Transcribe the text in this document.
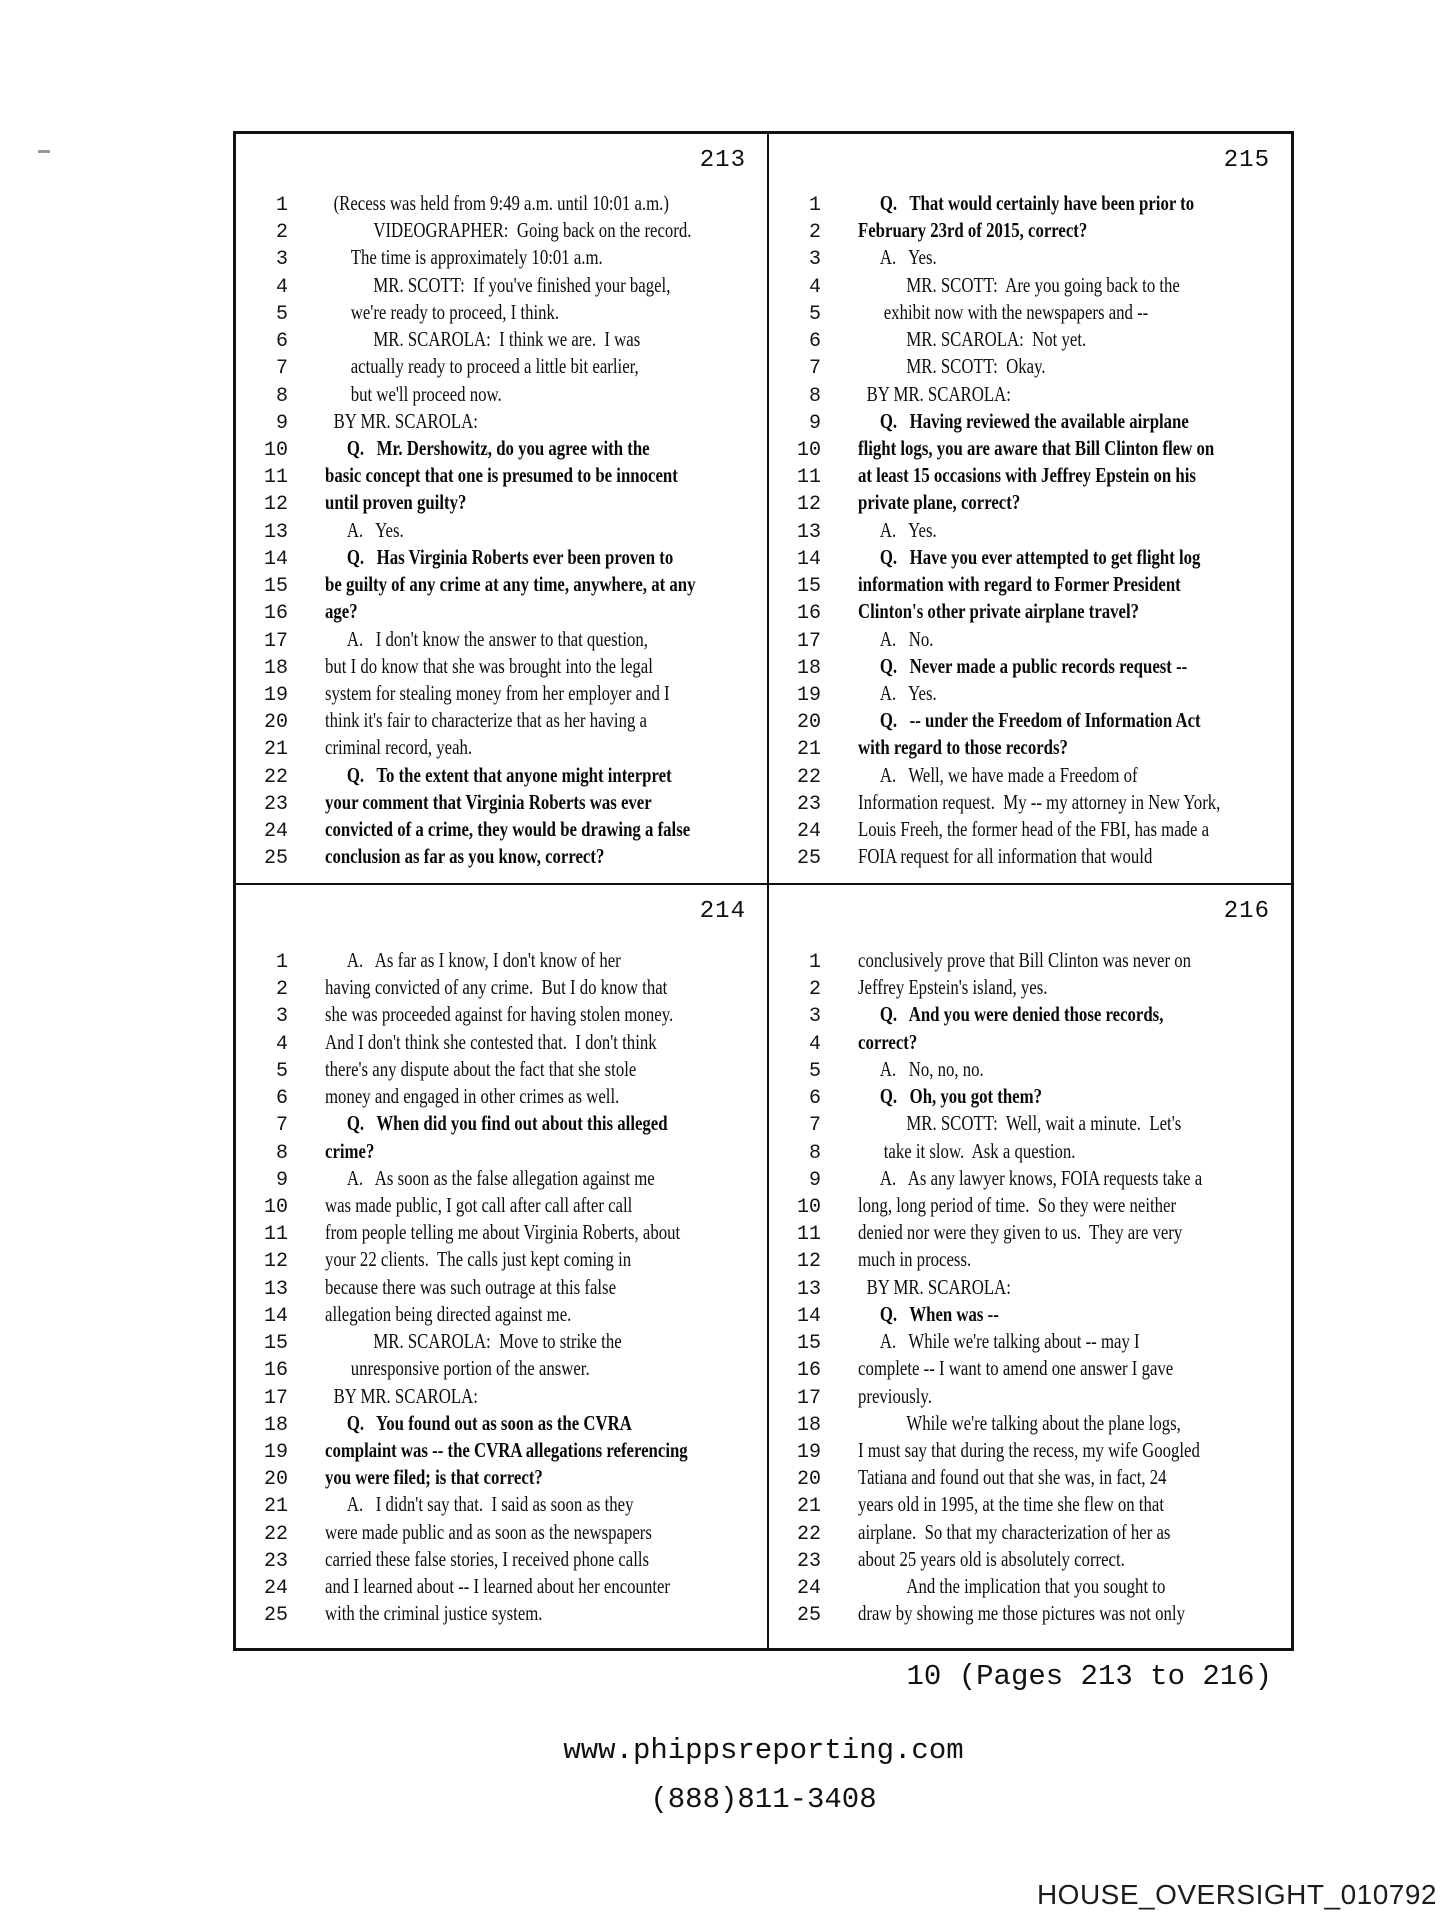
213
1 (Recess was held from 9:49 a.m. until 10:01 a.m.)
2	VIDEOGRAPHER:  Going back on the record.
3	The time is approximately 10:01 a.m.
4	MR. SCOTT:  If you've finished your bagel,
5	we're ready to proceed, I think.
6	MR. SCAROLA:  I think we are.  I was
7	actually ready to proceed a little bit earlier,
8	but we'll proceed now.
9 BY MR. SCAROLA:
10	Q.   Mr. Dershowitz, do you agree with the
11 basic concept that one is presumed to be innocent
12 until proven guilty?
13	A.   Yes.
14	Q.   Has Virginia Roberts ever been proven to
15 be guilty of any crime at any time, anywhere, at any
16 age?
17	A.   I don't know the answer to that question,
18 but I do know that she was brought into the legal
19 system for stealing money from her employer and I
20 think it's fair to characterize that as her having a
21 criminal record, yeah.
22	Q.   To the extent that anyone might interpret
23 your comment that Virginia Roberts was ever
24 convicted of a crime, they would be drawing a false
25 conclusion as far as you know, correct?
215
1	Q.   That would certainly have been prior to
2 February 23rd of 2015, correct?
3	A.   Yes.
4	MR. SCOTT:  Are you going back to the
5	exhibit now with the newspapers and --
6	MR. SCAROLA:  Not yet.
7	MR. SCOTT:  Okay.
8 BY MR. SCAROLA:
9	Q.   Having reviewed the available airplane
10 flight logs, you are aware that Bill Clinton flew on
11 at least 15 occasions with Jeffrey Epstein on his
12 private plane, correct?
13	A.   Yes.
14	Q.   Have you ever attempted to get flight log
15 information with regard to Former President
16 Clinton's other private airplane travel?
17	A.   No.
18	Q.   Never made a public records request --
19	A.   Yes.
20	Q.   -- under the Freedom of Information Act
21 with regard to those records?
22	A.   Well, we have made a Freedom of
23 Information request.  My -- my attorney in New York,
24 Louis Freeh, the former head of the FBI, has made a
25 FOIA request for all information that would
214
1	A.   As far as I know, I don't know of her
2 having convicted of any crime.  But I do know that
3 she was proceeded against for having stolen money.
4 And I don't think she contested that.  I don't think
5 there's any dispute about the fact that she stole
6 money and engaged in other crimes as well.
7	Q.   When did you find out about this alleged
8 crime?
9	A.   As soon as the false allegation against me
10 was made public, I got call after call after call
11 from people telling me about Virginia Roberts, about
12 your 22 clients.  The calls just kept coming in
13 because there was such outrage at this false
14 allegation being directed against me.
15	MR. SCAROLA:  Move to strike the
16	unresponsive portion of the answer.
17 BY MR. SCAROLA:
18	Q.   You found out as soon as the CVRA
19 complaint was -- the CVRA allegations referencing
20 you were filed; is that correct?
21	A.   I didn't say that.  I said as soon as they
22 were made public and as soon as the newspapers
23 carried these false stories, I received phone calls
24 and I learned about -- I learned about her encounter
25 with the criminal justice system.
216
1 conclusively prove that Bill Clinton was never on
2 Jeffrey Epstein's island, yes.
3	Q.   And you were denied those records,
4 correct?
5	A.   No, no, no.
6	Q.   Oh, you got them?
7	MR. SCOTT:  Well, wait a minute.  Let's
8	take it slow.  Ask a question.
9	A.   As any lawyer knows, FOIA requests take a
10 long, long period of time.  So they were neither
11 denied nor were they given to us.  They are very
12 much in process.
13 BY MR. SCAROLA:
14	Q.   When was --
15	A.   While we're talking about -- may I
16 complete -- I want to amend one answer I gave
17 previously.
18	While we're talking about the plane logs,
19 I must say that during the recess, my wife Googled
20 Tatiana and found out that she was, in fact, 24
21 years old in 1995, at the time she flew on that
22 airplane.  So that my characterization of her as
23 about 25 years old is absolutely correct.
24	And the implication that you sought to
25 draw by showing me those pictures was not only
10 (Pages 213 to 216)
www.phippsreporting.com
(888)811-3408
HOUSE_OVERSIGHT_010792
